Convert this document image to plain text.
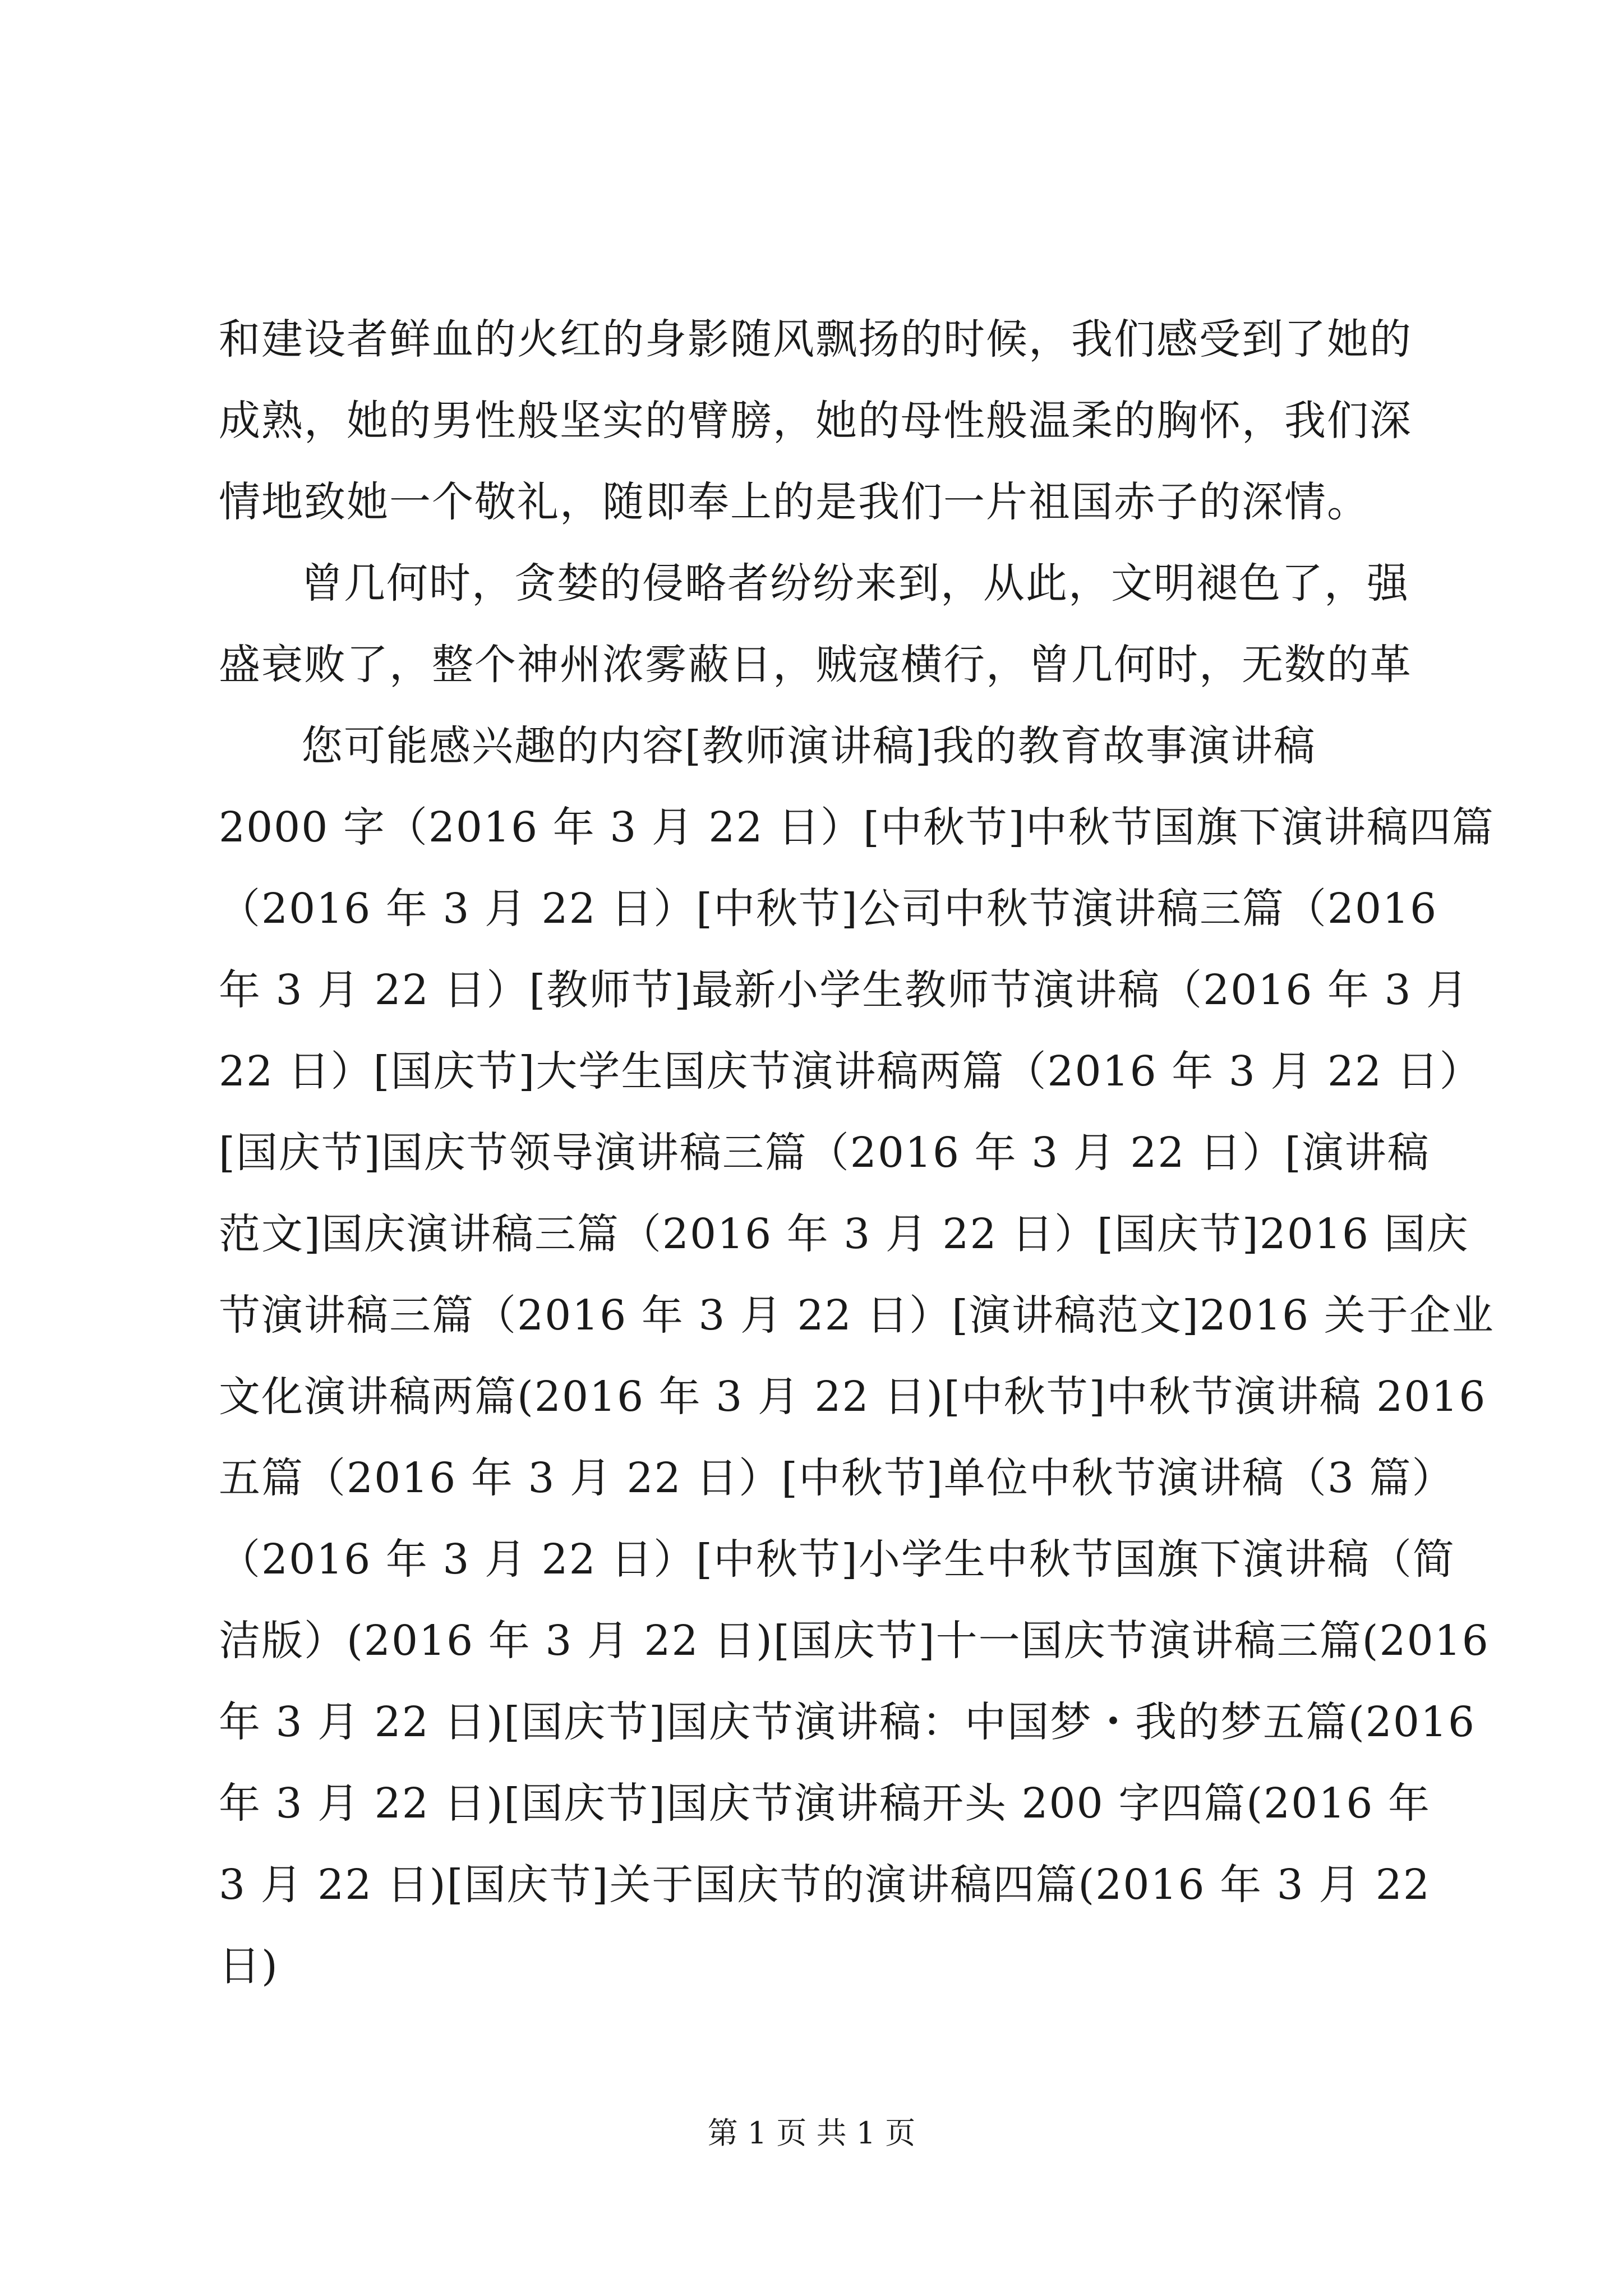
和建设者鲜血的火红的身影随风飘扬的时候，我们感受到了她的
成熟，她的男性般坚实的臂膀，她的母性般温柔的胸怀，我们深
情地致她一个敬礼，随即奉上的是我们一片祖国赤子的深情。
曾几何时，贪婪的侵略者纷纷来到，从此，文明褪色了，强
盛衰败了，整个神州浓雾蔽日，贼寇横行，曾几何时，无数的革
您可能感兴趣的内容[教师演讲稿]我的教育故事演讲稿
2000 字（2016 年 3 月 22 日）[中秋节]中秋节国旗下演讲稿四篇
（2016 年 3 月 22 日）[中秋节]公司中秋节演讲稿三篇（2016
年 3 月 22 日）[教师节]最新小学生教师节演讲稿（2016 年 3 月
22 日）[国庆节]大学生国庆节演讲稿两篇（2016 年 3 月 22 日）
[国庆节]国庆节领导演讲稿三篇（2016 年 3 月 22 日）[演讲稿
范文]国庆演讲稿三篇（2016 年 3 月 22 日）[国庆节]2016 国庆
节演讲稿三篇（2016 年 3 月 22 日）[演讲稿范文]2016 关于企业
文化演讲稿两篇(2016 年 3 月 22 日)[中秋节]中秋节演讲稿 2016
五篇（2016 年 3 月 22 日）[中秋节]单位中秋节演讲稿（3 篇）
（2016 年 3 月 22 日）[中秋节]小学生中秋节国旗下演讲稿（简
洁版）(2016 年 3 月 22 日)[国庆节]十一国庆节演讲稿三篇(2016
年 3 月 22 日)[国庆节]国庆节演讲稿：中国梦・我的梦五篇(2016
年 3 月 22 日)[国庆节]国庆节演讲稿开头 200 字四篇(2016 年
3 月 22 日)[国庆节]关于国庆节的演讲稿四篇(2016 年 3 月 22
日)
第 1 页 共 1 页
